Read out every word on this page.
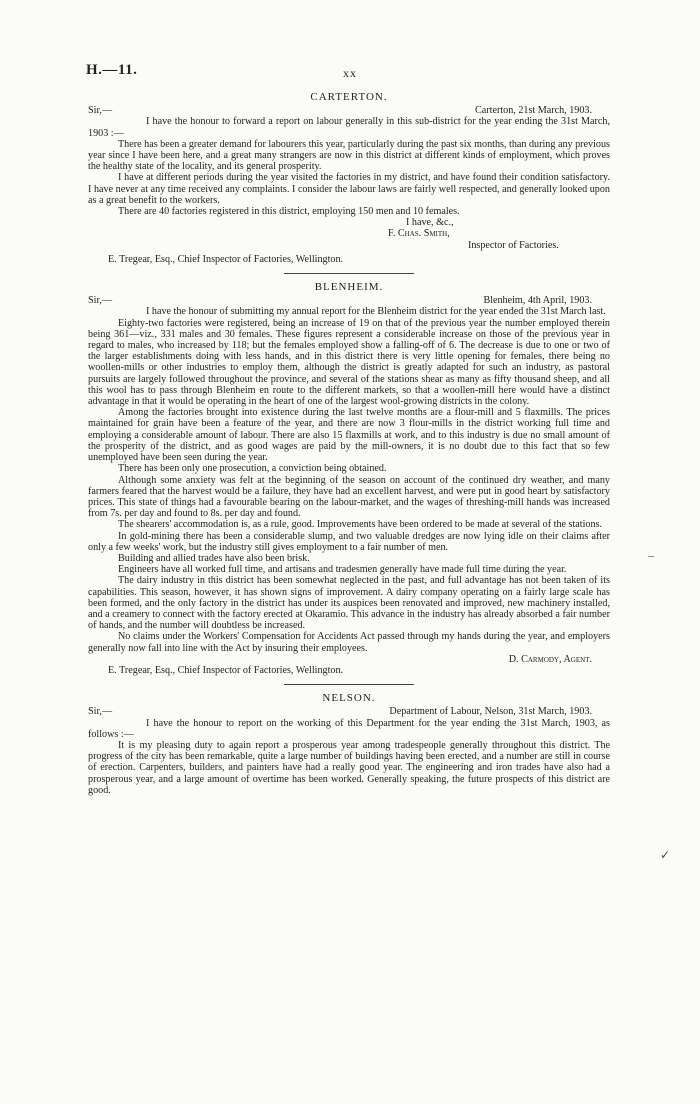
H.—11.	xx
–
✓
CARTERTON.
Sir,—	Carterton, 21st March, 1903.

I have the honour to forward a report on labour generally in this sub-district for the year ending the 31st March, 1903 :—

There has been a greater demand for labourers this year, particularly during the past six months, than during any previous year since I have been here, and a great many strangers are now in this district at different kinds of employment, which proves the healthy state of the locality, and its general prosperity.

I have at different periods during the year visited the factories in my district, and have found their condition satisfactory. I have never at any time received any complaints. I consider the labour laws are fairly well respected, and generally looked upon as a great benefit to the workers.

There are 40 factories registered in this district, employing 150 men and 10 females.

I have, &c.,
F. Chas. Smith,
Inspector of Factories.
E. Tregear, Esq., Chief Inspector of Factories, Wellington.
BLENHEIM.
Sir,—	Blenheim, 4th April, 1903.

I have the honour of submitting my annual report for the Blenheim district for the year ended the 31st March last.

Eighty-two factories were registered, being an increase of 19 on that of the previous year the number employed therein being 361—viz., 331 males and 30 females. These figures represent a considerable increase on those of the previous year in regard to males, who increased by 118; but the females employed show a falling-off of 6. The decrease is due to one or two of the larger establishments doing with less hands, and in this district there is very little opening for females, there being no woollen-mills or other industries to employ them, although the district is greatly adapted for such an industry, as pastoral pursuits are largely followed throughout the province, and several of the stations shear as many as fifty thousand sheep, and all this wool has to pass through Blenheim en route to the different markets, so that a woollen-mill here would have a distinct advantage in that it would be operating in the heart of one of the largest wool-growing districts in the colony.

Among the factories brought into existence during the last twelve months are a flour-mill and 5 flaxmills. The prices maintained for grain have been a feature of the year, and there are now 3 flour-mills in the district working full time and employing a considerable amount of labour. There are also 15 flaxmills at work, and to this industry is due no small amount of the prosperity of the district, and as good wages are paid by the mill-owners, it is no doubt due to this fact that so few unemployed have been seen during the year.

There has been only one prosecution, a conviction being obtained.

Although some anxiety was felt at the beginning of the season on account of the continued dry weather, and many farmers feared that the harvest would be a failure, they have had an excellent harvest, and were put in good heart by satisfactory prices. This state of things had a favourable bearing on the labour-market, and the wages of threshing-mill hands was increased from 7s. per day and found to 8s. per day and found.

The shearers' accommodation is, as a rule, good. Improvements have been ordered to be made at several of the stations.

In gold-mining there has been a considerable slump, and two valuable dredges are now lying idle on their claims after only a few weeks' work, but the industry still gives employment to a fair number of men.

Building and allied trades have also been brisk.

Engineers have all worked full time, and artisans and tradesmen generally have made full time during the year.

The dairy industry in this district has been somewhat neglected in the past, and full advantage has not been taken of its capabilities. This season, however, it has shown signs of improvement. A dairy company operating on a fairly large scale has been formed, and the only factory in the district has under its auspices been renovated and improved, new machinery installed, and a creamery to connect with the factory erected at Okaramio. This advance in the industry has already absorbed a fair number of hands, and the number will doubtless be increased.

No claims under the Workers' Compensation for Accidents Act passed through my hands during the year, and employers generally now fall into line with the Act by insuring their employees.

D. Carmody, Agent.
E. Tregear, Esq., Chief Inspector of Factories, Wellington.
NELSON.
Sir,—	Department of Labour, Nelson, 31st March, 1903.

I have the honour to report on the working of this Department for the year ending the 31st March, 1903, as follows :—

It is my pleasing duty to again report a prosperous year among tradespeople generally throughout this district. The progress of the city has been remarkable, quite a large number of buildings having been erected, and a number are still in course of erection. Carpenters, builders, and painters have had a really good year. The engineering and iron trades have also had a prosperous year, and a large amount of overtime has been worked. Generally speaking, the future prospects of this district are good.
